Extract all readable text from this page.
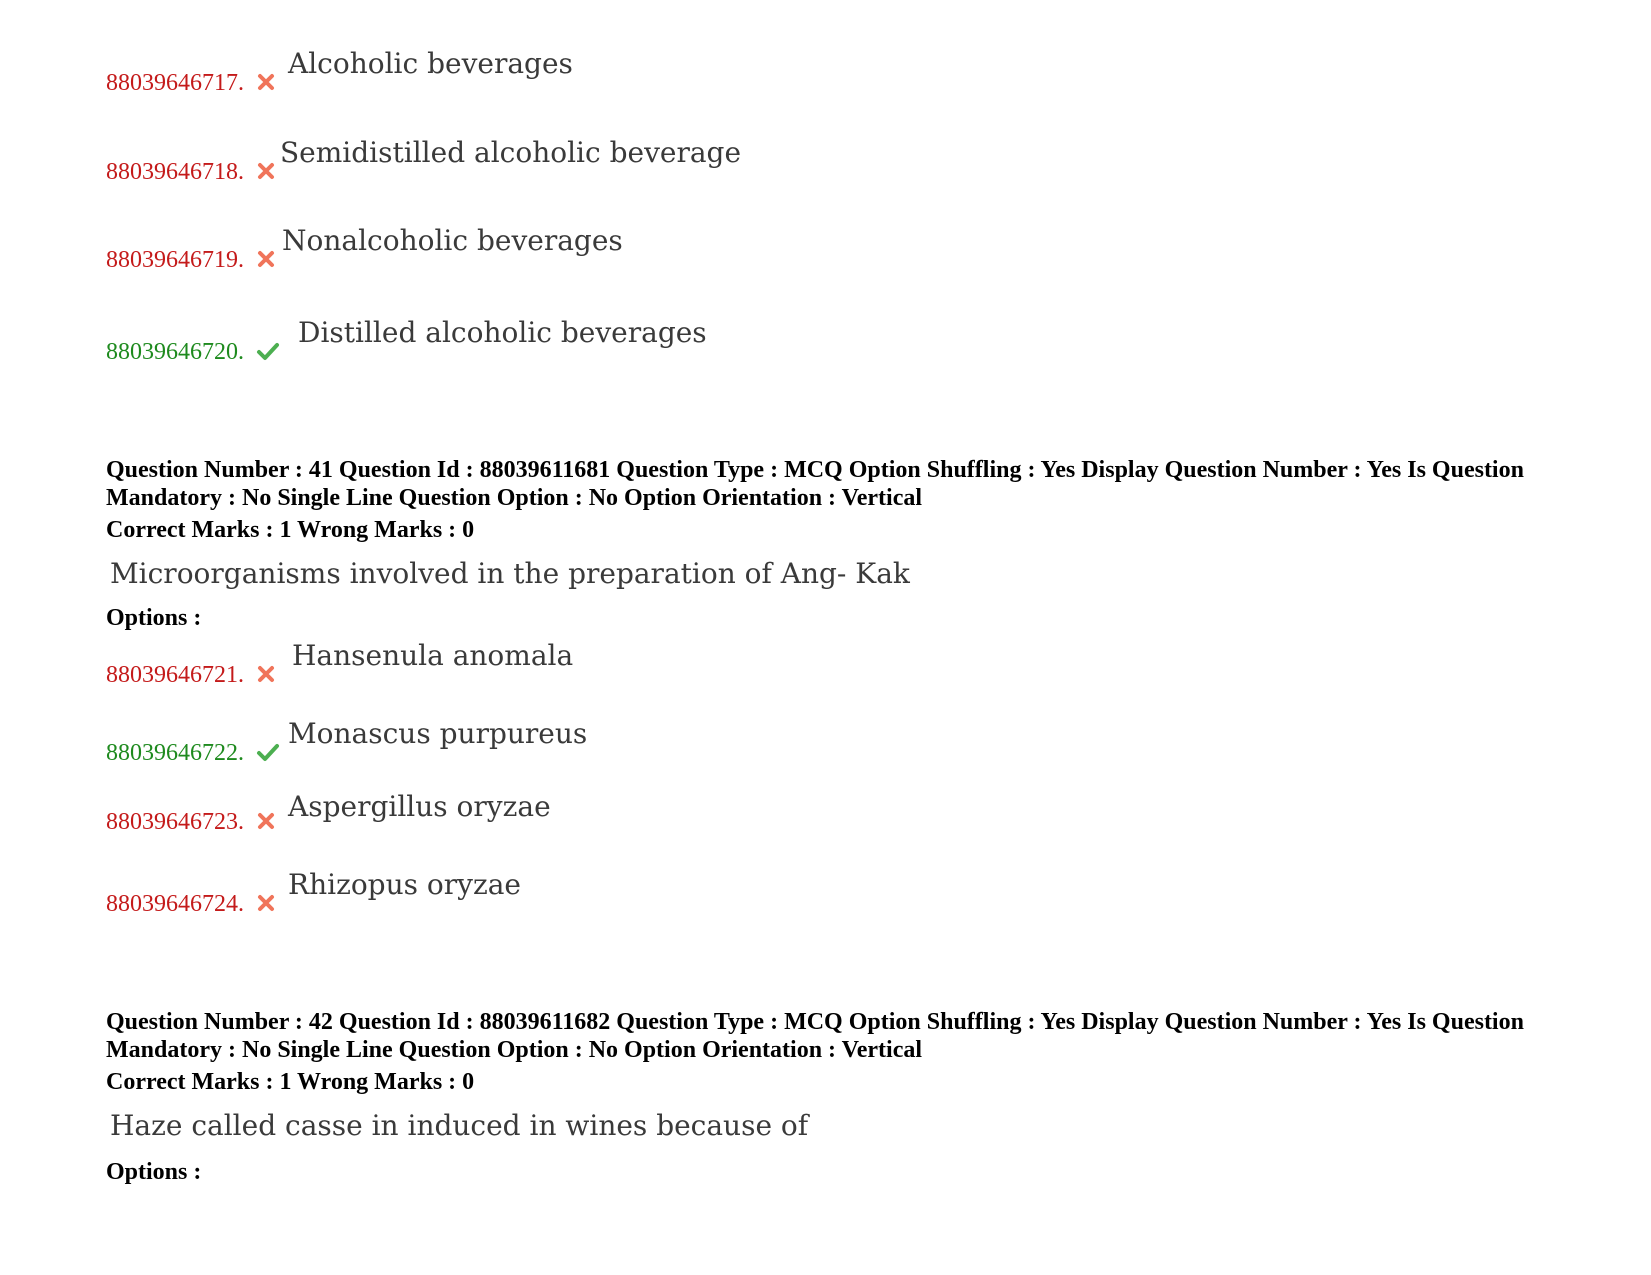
88039646717.
Alcoholic beverages
88039646718.
Semidistilled alcoholic beverage
88039646719.
Nonalcoholic beverages
88039646720.
Distilled alcoholic beverages
Question Number : 41 Question Id : 88039611681 Question Type : MCQ Option Shuffling : Yes Display Question Number : Yes Is Question Mandatory : No Single Line Question Option : No Option Orientation : Vertical
Correct Marks : 1 Wrong Marks : 0
Microorganisms involved in the preparation of Ang- Kak
Options :
88039646721.
Hansenula anomala
88039646722.
Monascus purpureus
88039646723. Aspergillus oryzae
88039646724.
Rhizopus oryzae
Question Number : 42 Question Id : 88039611682 Question Type : MCQ Option Shuffling : Yes Display Question Number : Yes Is Question Mandatory : No Single Line Question Option : No Option Orientation : Vertical
Correct Marks : 1 Wrong Marks : 0
Haze called casse in induced in wines because of
Options :
